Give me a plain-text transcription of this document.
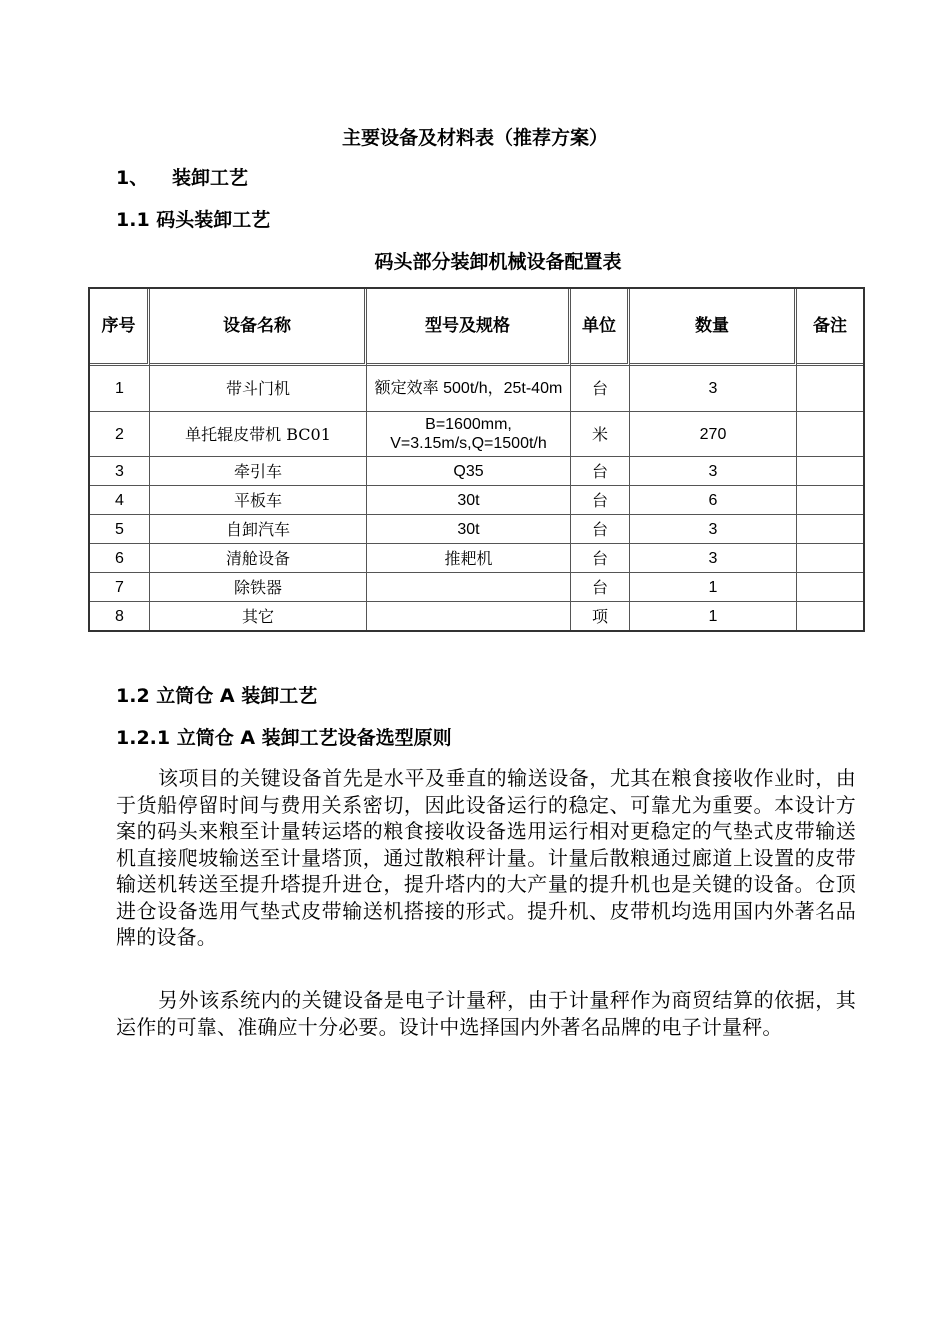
主要设备及材料表（推荐方案）
1、 装卸工艺
1.1 码头装卸工艺
码头部分装卸机械设备配置表
序号	设备名称	型号及规格	单位	数量	备注
1	带斗门机	额定效率 500t/h，25t-40m	台	3	
2	单托辊皮带机 BC01	B=1600mm, V=3.15m/s,Q=1500t/h	米	270	
3	牵引车	Q35	台	3	
4	平板车	30t	台	6	
5	自卸汽车	30t	台	3	
6	清舱设备	推耙机	台	3	
7	除铁器		台	1	
8	其它		项	1	
1.2 立筒仓 A 装卸工艺
1.2.1 立筒仓 A 装卸工艺设备选型原则
该项目的关键设备首先是水平及垂直的输送设备，尤其在粮食接收作业时，由于货船停留时间与费用关系密切，因此设备运行的稳定、可靠尤为重要。本设计方案的码头来粮至计量转运塔的粮食接收设备选用运行相对更稳定的气垫式皮带输送机直接爬坡输送至计量塔顶，通过散粮秤计量。计量后散粮通过廊道上设置的皮带输送机转送至提升塔提升进仓，提升塔内的大产量的提升机也是关键的设备。仓顶进仓设备选用气垫式皮带输送机搭接的形式。提升机、皮带机均选用国内外著名品牌的设备。
另外该系统内的关键设备是电子计量秤，由于计量秤作为商贸结算的依据，其运作的可靠、准确应十分必要。设计中选择国内外著名品牌的电子计量秤。
